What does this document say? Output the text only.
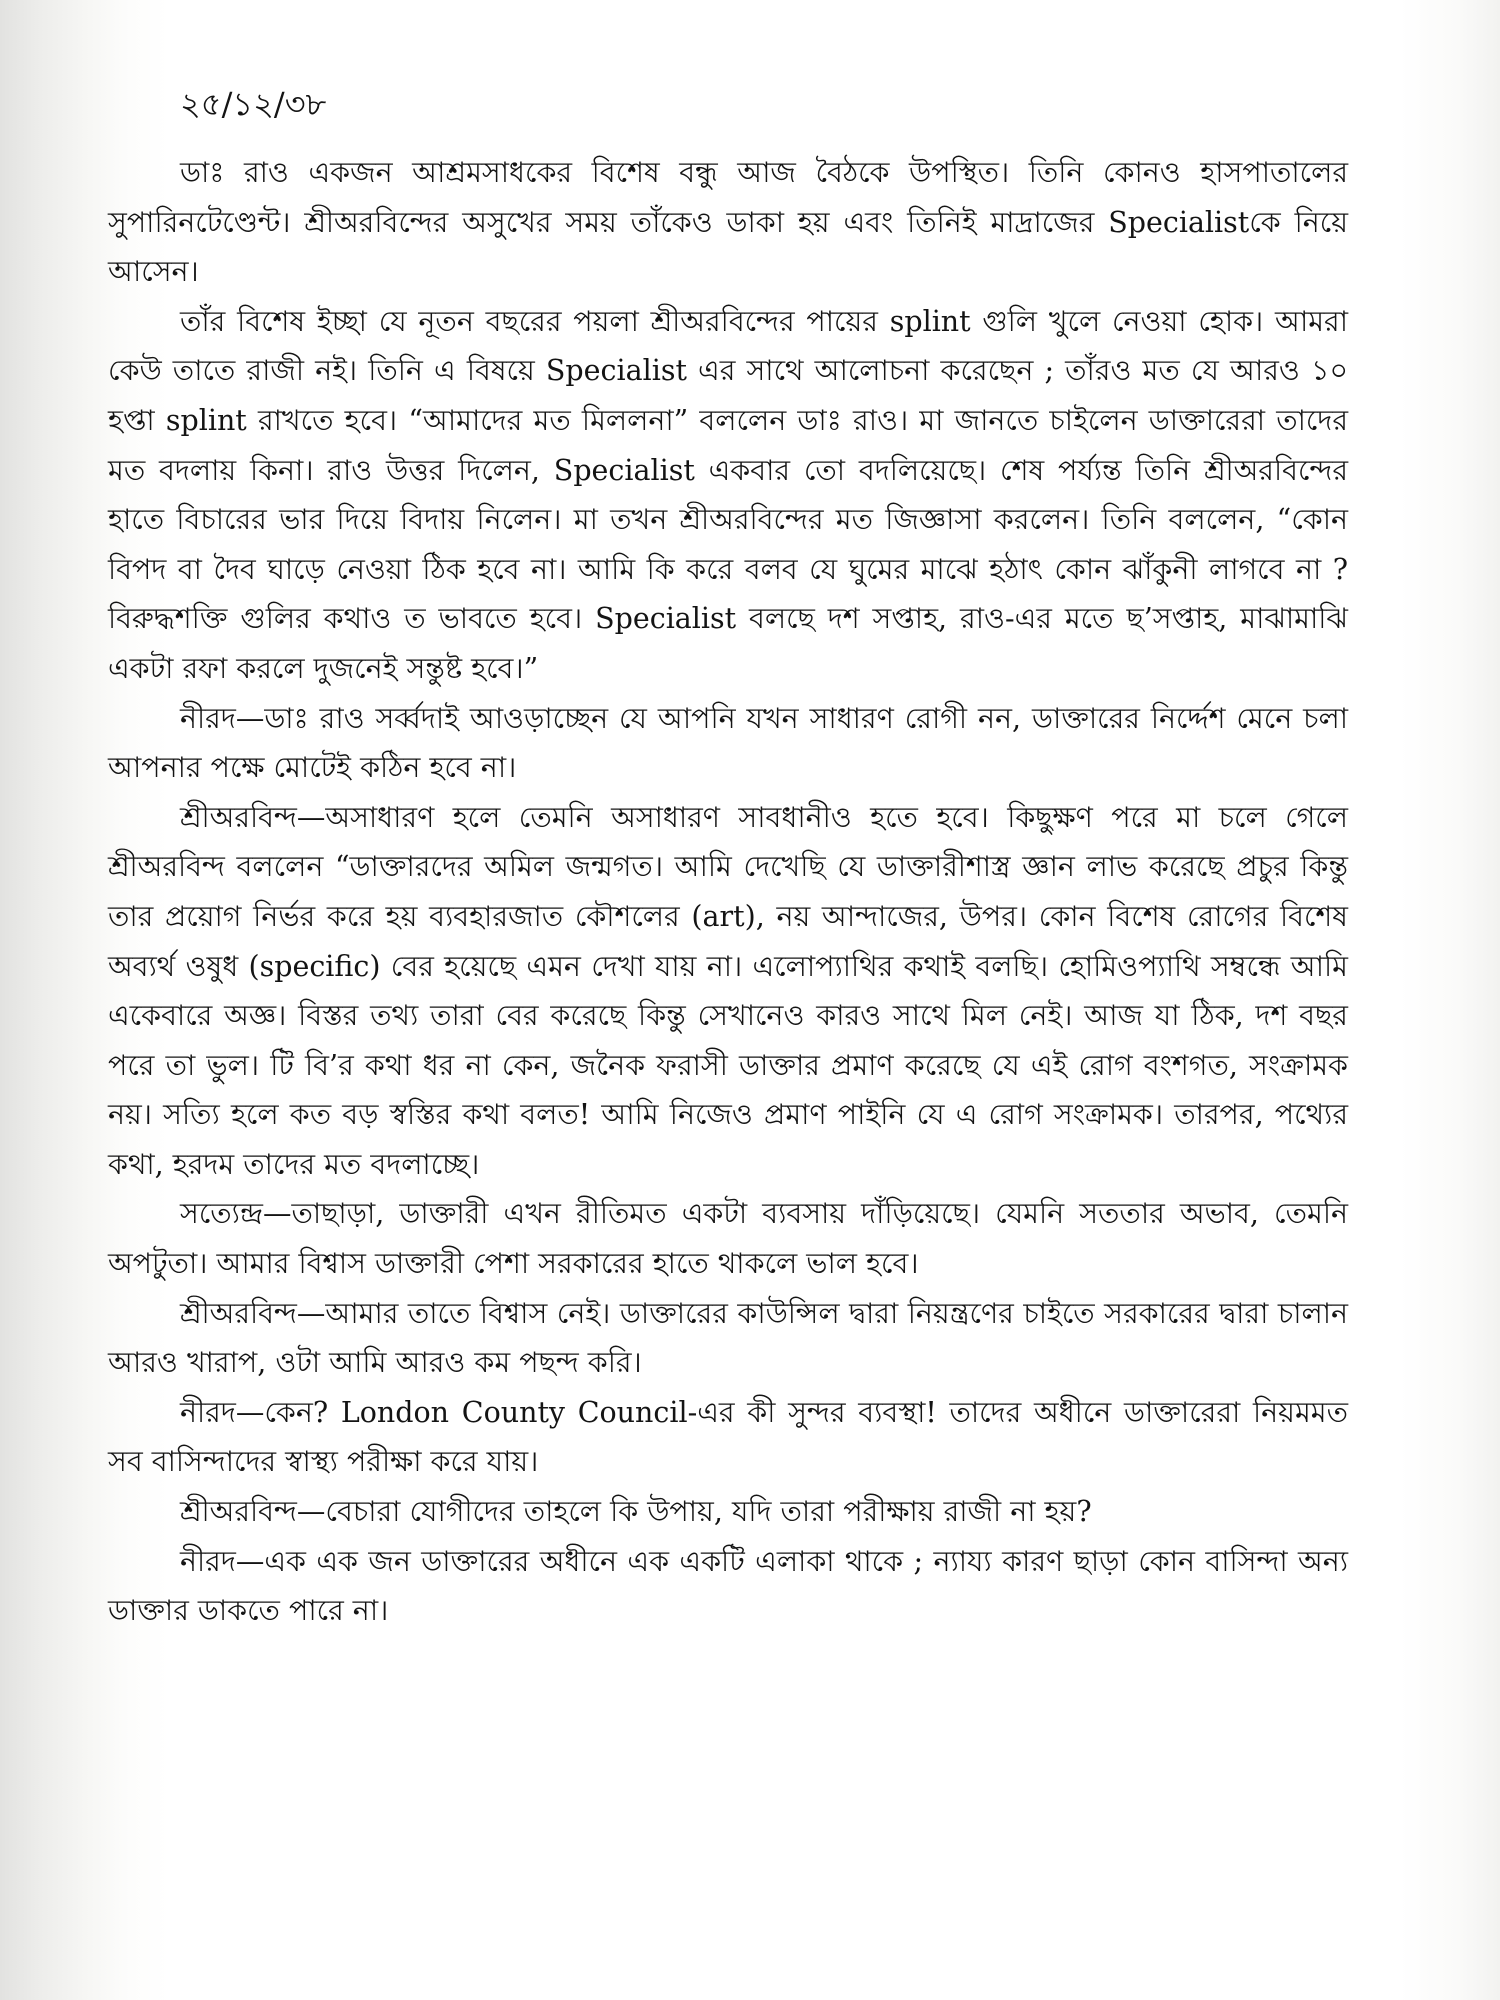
২৫/১২/৩৮

ডাঃ রাও একজন আশ্রমসাধকের বিশেষ বন্ধু আজ বৈঠকে উপস্থিত। তিনি কোনও হাসপাতালের সুপারিনটেণ্ডেন্ট। শ্রীঅরবিন্দের অসুখের সময় তাঁকেও ডাকা হয় এবং তিনিই মাদ্রাজের Specialistকে নিয়ে আসেন।

তাঁর বিশেষ ইচ্ছা যে নূতন বছরের পয়লা শ্রীঅরবিন্দের পায়ের splint গুলি খুলে নেওয়া হোক। আমরা কেউ তাতে রাজী নই। তিনি এ বিষয়ে Specialist এর সাথে আলোচনা করেছেন ; তাঁরও মত যে আরও ১০ হপ্তা splint রাখতে হবে। “আমাদের মত মিললনা” বললেন ডাঃ রাও। মা জানতে চাইলেন ডাক্তারেরা তাদের মত বদলায় কিনা। রাও উত্তর দিলেন, Specialist একবার তো বদলিয়েছে। শেষ পর্য্যন্ত তিনি শ্রীঅরবিন্দের হাতে বিচারের ভার দিয়ে বিদায় নিলেন। মা তখন শ্রীঅরবিন্দের মত জিজ্ঞাসা করলেন। তিনি বললেন, “কোন বিপদ বা দৈব ঘাড়ে নেওয়া ঠিক হবে না। আমি কি করে বলব যে ঘুমের মাঝে হঠাৎ কোন ঝাঁকুনী লাগবে না ? বিরুদ্ধশক্তি গুলির কথাও ত ভাবতে হবে। Specialist বলছে দশ সপ্তাহ, রাও-এর মতে ছ’সপ্তাহ, মাঝামাঝি একটা রফা করলে দুজনেই সন্তুষ্ট হবে।”

নীরদ—ডাঃ রাও সর্ব্বদাই আওড়াচ্ছেন যে আপনি যখন সাধারণ রোগী নন, ডাক্তারের নির্দ্দেশ মেনে চলা আপনার পক্ষে মোটেই কঠিন হবে না।

শ্রীঅরবিন্দ—অসাধারণ হলে তেমনি অসাধারণ সাবধানীও হতে হবে। কিছুক্ষণ পরে মা চলে গেলে শ্রীঅরবিন্দ বললেন “ডাক্তারদের অমিল জন্মগত। আমি দেখেছি যে ডাক্তারীশাস্ত্র জ্ঞান লাভ করেছে প্রচুর কিন্তু তার প্রয়োগ নির্ভর করে হয় ব্যবহারজাত কৌশলের (art), নয় আন্দাজের, উপর। কোন বিশেষ রোগের বিশেষ অব্যর্থ ওষুধ (specific) বের হয়েছে এমন দেখা যায় না। এলোপ্যাথির কথাই বলছি। হোমিওপ্যাথি সম্বন্ধে আমি একেবারে অজ্ঞ। বিস্তর তথ্য তারা বের করেছে কিন্তু সেখানেও কারও সাথে মিল নেই। আজ যা ঠিক, দশ বছর পরে তা ভুল। টি বি’র কথা ধর না কেন, জনৈক ফরাসী ডাক্তার প্রমাণ করেছে যে এই রোগ বংশগত, সংক্রামক নয়। সত্যি হলে কত বড় স্বস্তির কথা বলত! আমি নিজেও প্রমাণ পাইনি যে এ রোগ সংক্রামক। তারপর, পথ্যের কথা, হরদম তাদের মত বদলাচ্ছে।

সত্যেন্দ্র—তাছাড়া, ডাক্তারী এখন রীতিমত একটা ব্যবসায় দাঁড়িয়েছে। যেমনি সততার অভাব, তেমনি অপটুতা। আমার বিশ্বাস ডাক্তারী পেশা সরকারের হাতে থাকলে ভাল হবে।

শ্রীঅরবিন্দ—আমার তাতে বিশ্বাস নেই। ডাক্তারের কাউন্সিল দ্বারা নিয়ন্ত্রণের চাইতে সরকারের দ্বারা চালান আরও খারাপ, ওটা আমি আরও কম পছন্দ করি।

নীরদ—কেন? London County Council-এর কী সুন্দর ব্যবস্থা! তাদের অধীনে ডাক্তারেরা নিয়মমত সব বাসিন্দাদের স্বাস্থ্য পরীক্ষা করে যায়।

শ্রীঅরবিন্দ—বেচারা যোগীদের তাহলে কি উপায়, যদি তারা পরীক্ষায় রাজী না হয়?

নীরদ—এক এক জন ডাক্তারের অধীনে এক একটি এলাকা থাকে ; ন্যায্য কারণ ছাড়া কোন বাসিন্দা অন্য ডাক্তার ডাকতে পারে না।
